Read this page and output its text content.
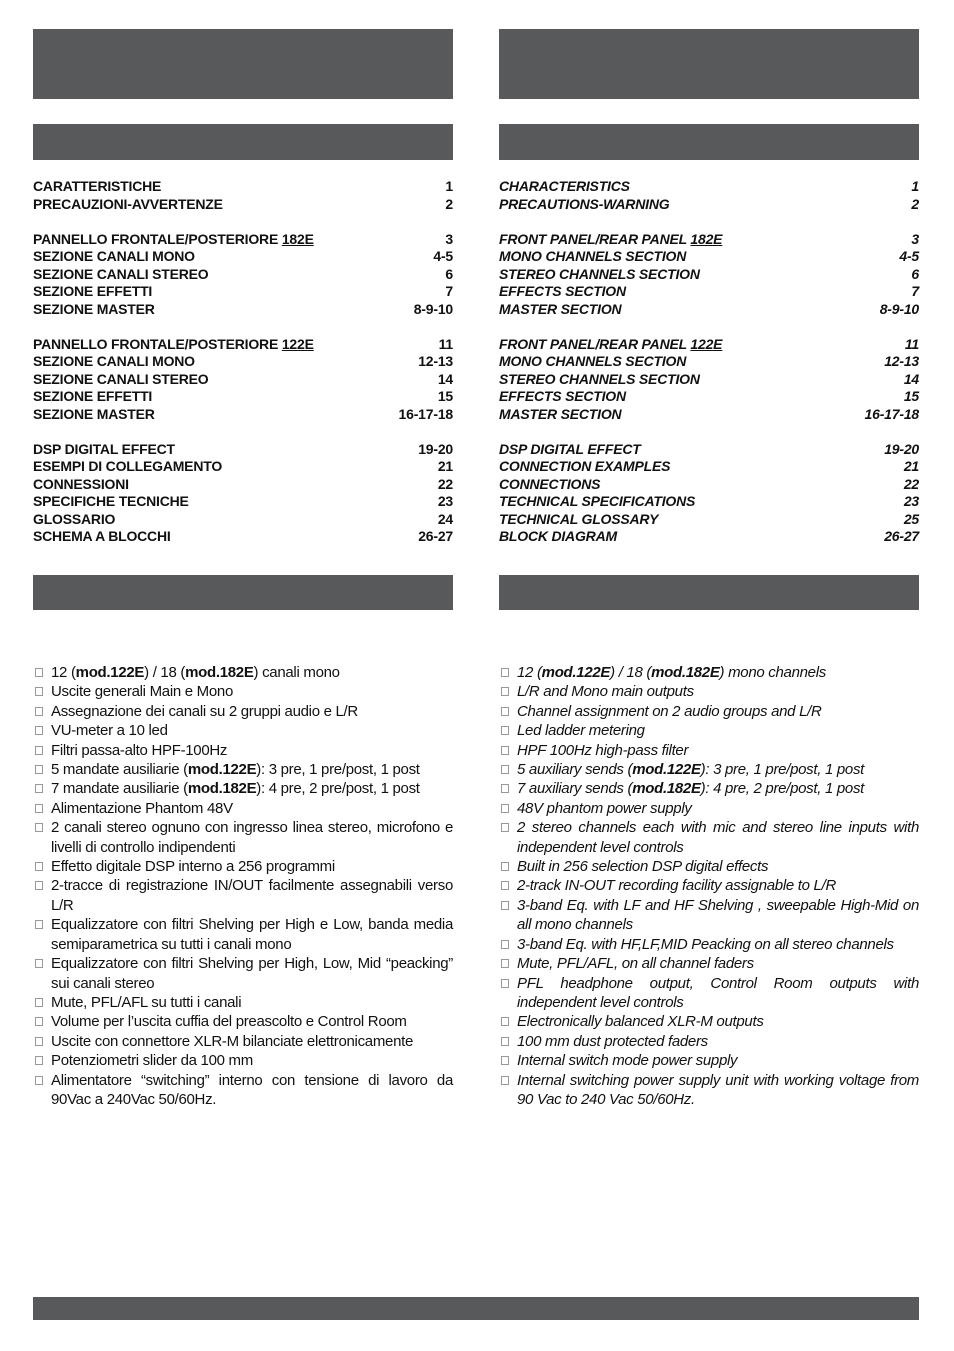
CARATTERISTICHE	1
PRECAUZIONI-AVVERTENZE	2
PANNELLO FRONTALE/POSTERIORE 182E	3
SEZIONE CANALI MONO	4-5
SEZIONE CANALI STEREO	6
SEZIONE EFFETTI	7
SEZIONE MASTER	8-9-10
PANNELLO FRONTALE/POSTERIORE 122E	11
SEZIONE CANALI MONO	12-13
SEZIONE CANALI STEREO	14
SEZIONE EFFETTI	15
SEZIONE MASTER	16-17-18
DSP DIGITAL EFFECT	19-20
ESEMPI DI COLLEGAMENTO	21
CONNESSIONI	22
SPECIFICHE TECNICHE	23
GLOSSARIO	24
SCHEMA A BLOCCHI	26-27
12 (mod.122E) / 18 (mod.182E) canali mono
Uscite generali Main e Mono
Assegnazione dei canali su 2 gruppi audio e L/R
VU-meter a 10 led
Filtri passa-alto HPF-100Hz
5 mandate ausiliarie (mod.122E): 3 pre, 1 pre/post, 1 post
7 mandate ausiliarie (mod.182E): 4 pre, 2 pre/post, 1 post
Alimentazione Phantom 48V
2 canali stereo ognuno con ingresso linea stereo, microfono e livelli di controllo indipendenti
Effetto digitale DSP interno a 256 programmi
2-tracce di registrazione IN/OUT facilmente assegnabili verso L/R
Equalizzatore con filtri Shelving per High e Low, banda media semiparametrica su tutti i canali mono
Equalizzatore con filtri Shelving per High, Low, Mid “peacking” sui canali stereo
Mute, PFL/AFL su tutti i canali
Volume per l’uscita cuffia del preascolto e Control Room
Uscite con connettore XLR-M bilanciate elettronicamente
Potenziometri slider da 100 mm
Alimentatore “switching” interno con tensione di lavoro da 90Vac a 240Vac 50/60Hz.
CHARACTERISTICS	1
PRECAUTIONS-WARNING	2
FRONT PANEL/REAR PANEL 182E	3
MONO CHANNELS SECTION	4-5
STEREO CHANNELS SECTION	6
EFFECTS SECTION	7
MASTER SECTION	8-9-10
FRONT PANEL/REAR PANEL 122E	11
MONO CHANNELS SECTION	12-13
STEREO CHANNELS SECTION	14
EFFECTS SECTION	15
MASTER SECTION	16-17-18
DSP DIGITAL EFFECT	19-20
CONNECTION EXAMPLES	21
CONNECTIONS	22
TECHNICAL SPECIFICATIONS	23
TECHNICAL GLOSSARY	25
BLOCK DIAGRAM	26-27
12 (mod.122E) / 18 (mod.182E) mono channels
L/R and Mono main outputs
Channel assignment on 2 audio groups and L/R
Led ladder metering
HPF 100Hz high-pass filter
5 auxiliary sends (mod.122E): 3 pre, 1 pre/post, 1 post
7 auxiliary sends (mod.182E): 4 pre, 2 pre/post, 1 post
48V phantom power supply
2 stereo channels each with mic and stereo line inputs with independent level controls
Built in 256 selection DSP digital effects
2-track IN-OUT recording facility assignable to L/R
3-band Eq. with LF and HF Shelving , sweepable High-Mid on all mono channels
3-band Eq. with HF,LF,MID Peacking on all stereo channels
Mute, PFL/AFL, on all channel faders
PFL headphone output, Control Room outputs with independent level controls
Electronically balanced XLR-M outputs
100 mm dust protected faders
Internal switch mode power supply
Internal switching power supply unit with working voltage from 90 Vac to 240 Vac 50/60Hz.
